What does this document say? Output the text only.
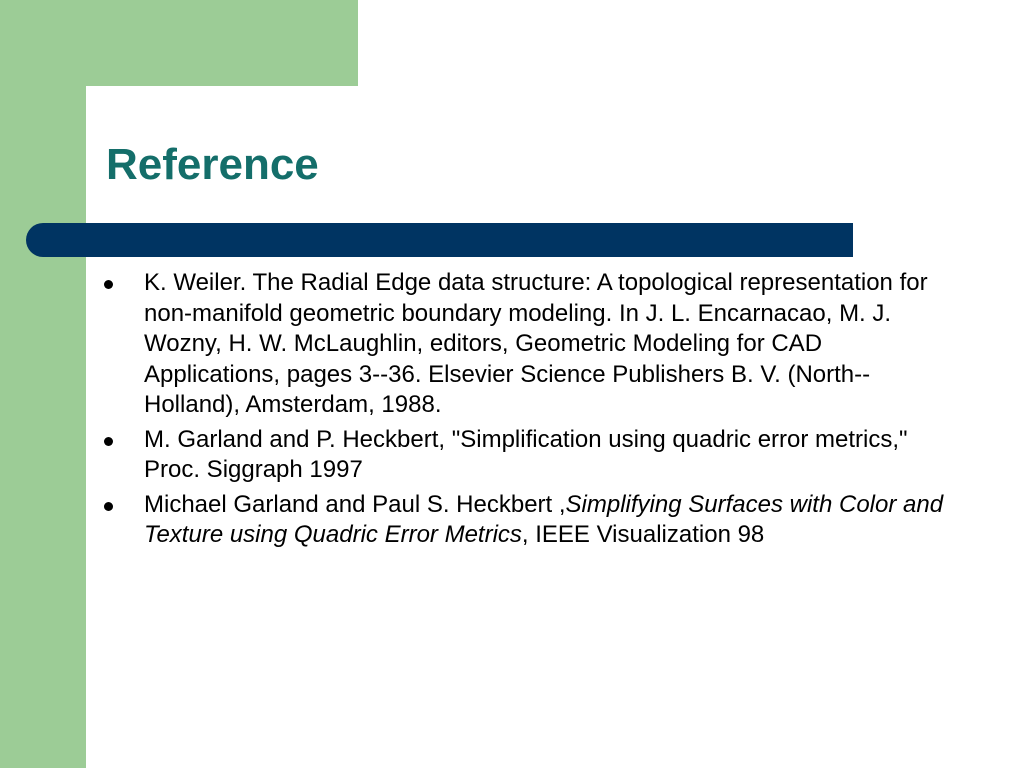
Reference
K. Weiler. The Radial Edge data structure: A topological representation for non-manifold geometric boundary modeling. In J. L. Encarnacao, M. J. Wozny, H. W. McLaughlin, editors, Geometric Modeling for CAD Applications, pages 3--36. Elsevier Science Publishers B. V. (North--Holland), Amsterdam, 1988.
M. Garland and P. Heckbert, "Simplification using quadric error metrics," Proc. Siggraph 1997
Michael Garland and Paul S. Heckbert ,Simplifying Surfaces with Color and Texture using Quadric Error Metrics, IEEE Visualization 98
